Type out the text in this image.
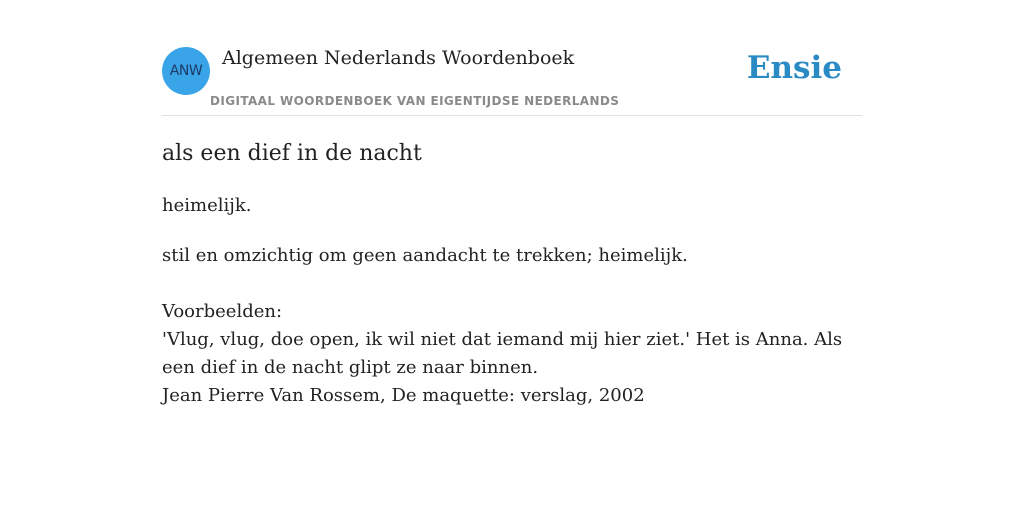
ANW
Algemeen Nederlands Woordenboek
DIGITAAL WOORDENBOEK VAN EIGENTIJDSE NEDERLANDS
Ensie
als een dief in de nacht

heimelijk.

stil en omzichtig om geen aandacht te trekken; heimelijk.
Voorbeelden:
'Vlug, vlug, doe open, ik wil niet dat iemand mij hier ziet.' Het is Anna. Als een dief in de nacht glipt ze naar binnen.
Jean Pierre Van Rossem, De maquette: verslag, 2002
